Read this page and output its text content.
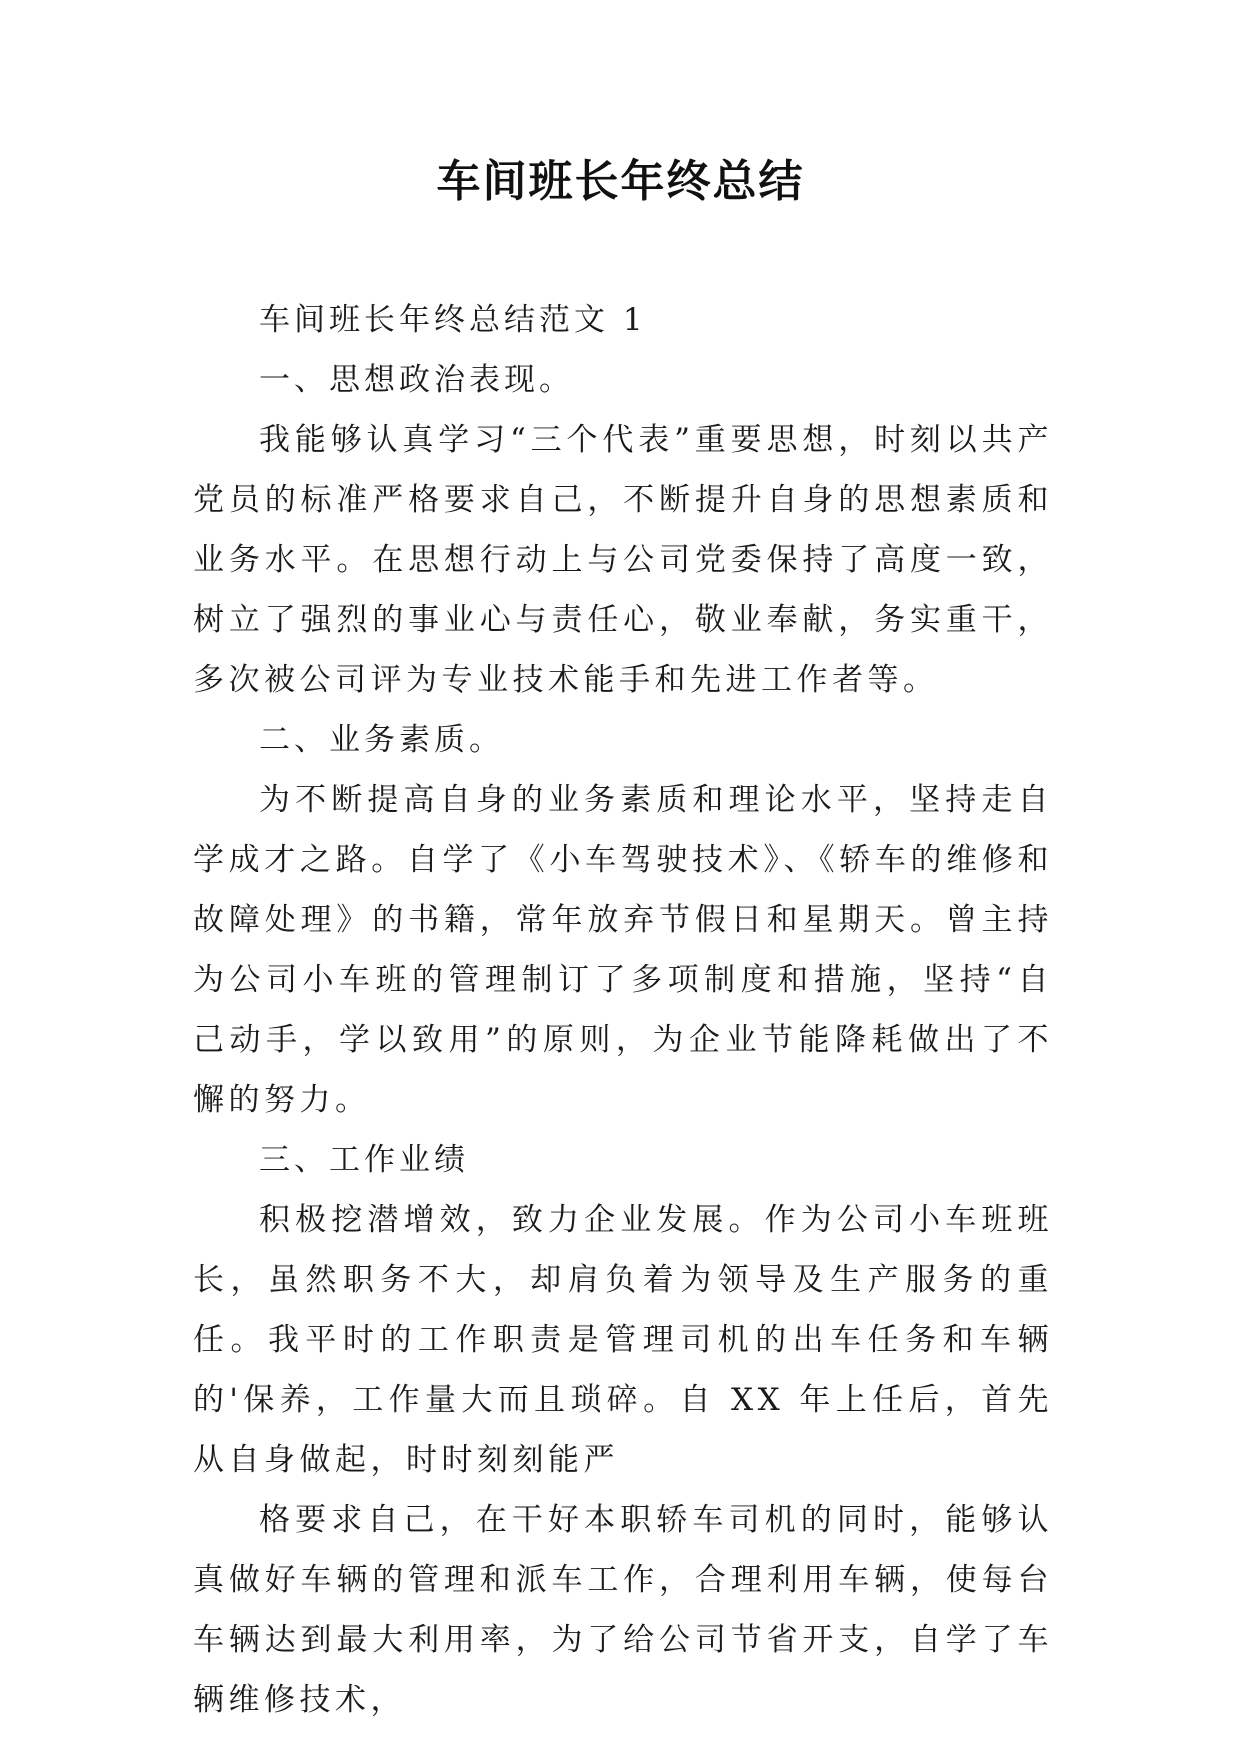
车间班长年终总结

车间班长年终总结范文 1

一、思想政治表现。

我能够认真学习“三个代表”重要思想，时刻以共产党员的标准严格要求自己，不断提升自身的思想素质和业务水平。在思想行动上与公司党委保持了高度一致，树立了强烈的事业心与责任心，敬业奉献，务实重干，多次被公司评为专业技术能手和先进工作者等。

二、业务素质。

为不断提高自身的业务素质和理论水平，坚持走自学成才之路。自学了《小车驾驶技术》、《轿车的维修和故障处理》的书籍，常年放弃节假日和星期天。曾主持为公司小车班的管理制订了多项制度和措施，坚持“自己动手，学以致用”的原则，为企业节能降耗做出了不懈的努力。

三、工作业绩

积极挖潜增效，致力企业发展。作为公司小车班班长，虽然职务不大，却肩负着为领导及生产服务的重任。我平时的工作职责是管理司机的出车任务和车辆的'保养，工作量大而且琐碎。自 XX 年上任后，首先从自身做起，时时刻刻能严

格要求自己，在干好本职轿车司机的同时，能够认真做好车辆的管理和派车工作，合理利用车辆，使每台车辆达到最大利用率，为了给公司节省开支，自学了车辆维修技术，
